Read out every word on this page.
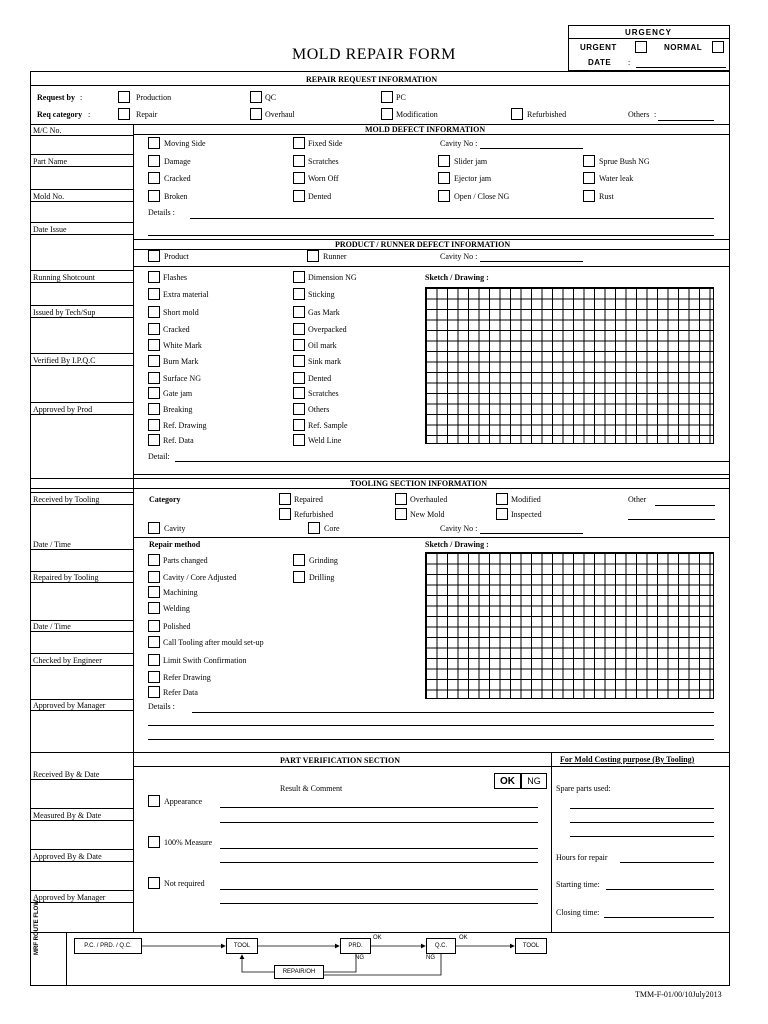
MOLD REPAIR FORM
URGENCY
URGENT	NORMAL
DATE :
REPAIR REQUEST INFORMATION
Request by :
Req category :
Production	QC	PC
Repair	Overhaul	Modification	Refurbished	Others :
M/C No.
Part Name
Mold No.
Date Issue
Running Shotcount
Issued by Tech/Sup
Verified By I.P.Q.C
Approved by Prod
Received by Tooling
Date / Time
Repaired by Tooling
Date / Time
Checked by Engineer
Approved by Manager
MOLD DEFECT INFORMATION
Moving Side	Fixed Side	Cavity No :
Damage	Scratches	Slider jam	Sprue Bush NG
Cracked	Worn Off	Ejector jam	Water leak
Broken	Dented	Open / Close NG	Rust
Details :
PRODUCT / RUNNER DEFECT INFORMATION
Product	Runner	Cavity No :
Flashes
Extra material
Short mold
Cracked
White Mark
Burn Mark
Surface NG
Gate jam
Breaking
Ref. Drawing
Ref. Data
Dimension NG
Sticking
Gas Mark
Overpacked
Oil mark
Sink mark
Dented
Scratches
Others
Ref. Sample
Weld Line
Sketch / Drawing :
Detail:
TOOLING SECTION INFORMATION
Category	Repaired	Overhauled	Modified	Other
Refurbished	New Mold	Inspected
Cavity	Core	Cavity No :
Repair method
Parts changed
Cavity / Core Adjusted
Machining
Welding
Polished
Call Tooling after mould set-up
Limit Swith Confirmation
Refer Drawing
Refer Data
Grinding
Drilling
Sketch / Drawing :
Details :
PART VERIFICATION SECTION	For Mold Costing purpose (By Tooling)
Received By & Date
Measured By & Date
Approved By & Date
Approved by Manager
Result & Comment
OK NG
Appearance
100% Measure
Not required
Spare parts used:
Hours for repair
Starting time:
Closing time:
MRF ROUTE FLOW	P.C. / PRD. / Q.C.	TOOL	PRD.	Q.C.	TOOL
REPAIR/OH
OK	OK
NG	NG
TMM-F-01/00/10July2013
